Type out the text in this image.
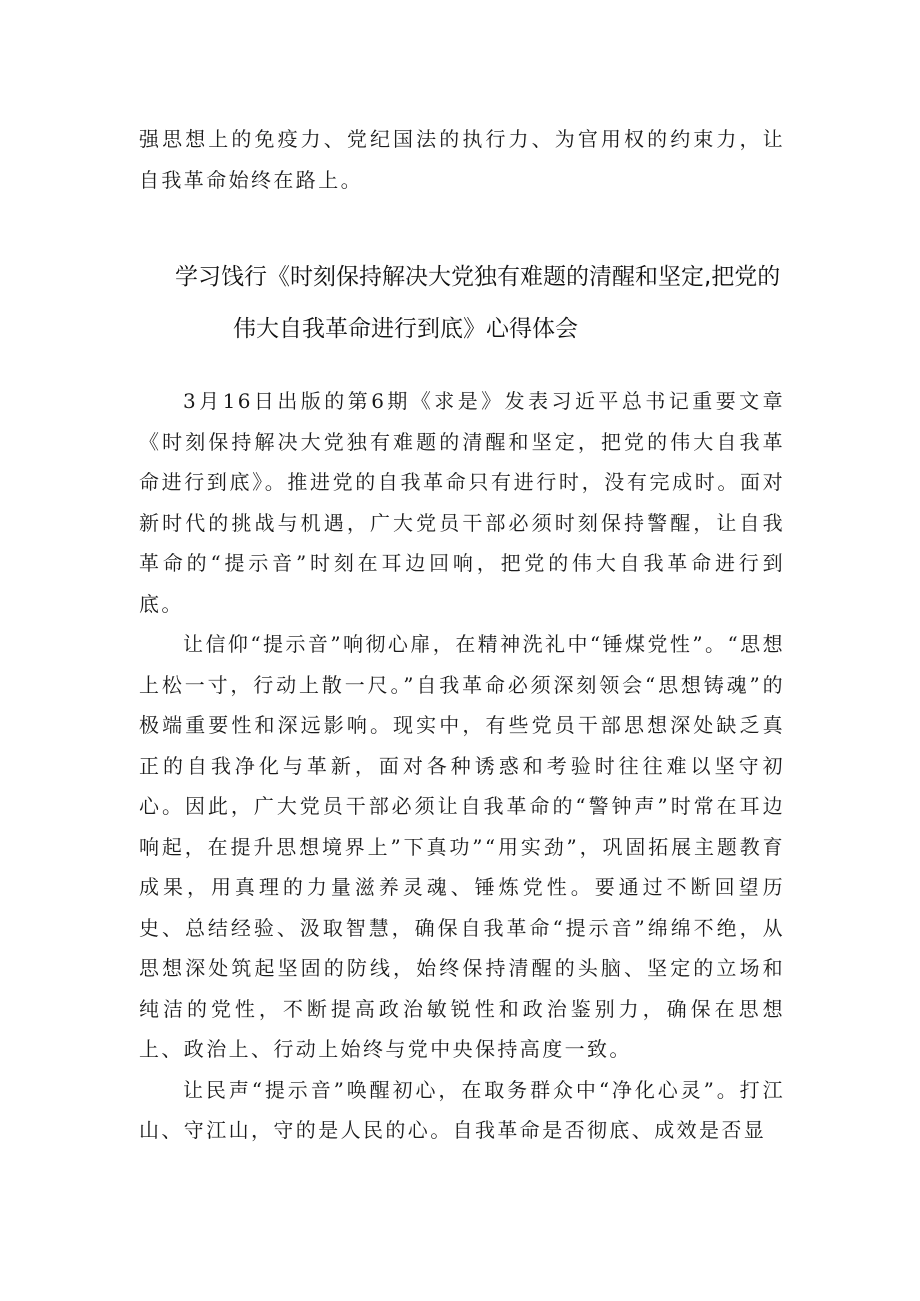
强思想上的免疫力、党纪国法的执行力、为官用权的约束力，让自我革命始终在路上。

学习饯行《时刻保持解决大党独有难题的清醒和坚定,把党的
伟大自我革命进行到底》心得体会

3月16日出版的第6期《求是》发表习近平总书记重要文章《时刻保持解决大党独有难题的清醒和坚定，把党的伟大自我革命进行到底》。推进党的自我革命只有进行时，没有完成时。面对新时代的挑战与机遇，广大党员干部必须时刻保持警醒，让自我革命的“提示音”时刻在耳边回响，把党的伟大自我革命进行到底。

让信仰“提示音”响彻心扉，在精神洗礼中“锤煤党性”。“思想上松一寸，行动上散一尺。”自我革命必须深刻领会“思想铸魂”的极端重要性和深远影响。现实中，有些党员干部思想深处缺乏真正的自我净化与革新，面对各种诱惑和考验时往往难以坚守初心。因此，广大党员干部必须让自我革命的“警钟声”时常在耳边响起，在提升思想境界上”下真功”“用实劲”，巩固拓展主题教育成果，用真理的力量滋养灵魂、锤炼党性。要通过不断回望历史、总结经验、汲取智慧，确保自我革命“提示音”绵绵不绝，从思想深处筑起坚固的防线，始终保持清醒的头脑、坚定的立场和纯洁的党性，不断提高政治敏锐性和政治鉴别力，确保在思想上、政治上、行动上始终与党中央保持高度一致。

让民声“提示音”唤醒初心，在取务群众中“净化心灵”。打江山、守江山，守的是人民的心。自我革命是否彻底、成效是否显
